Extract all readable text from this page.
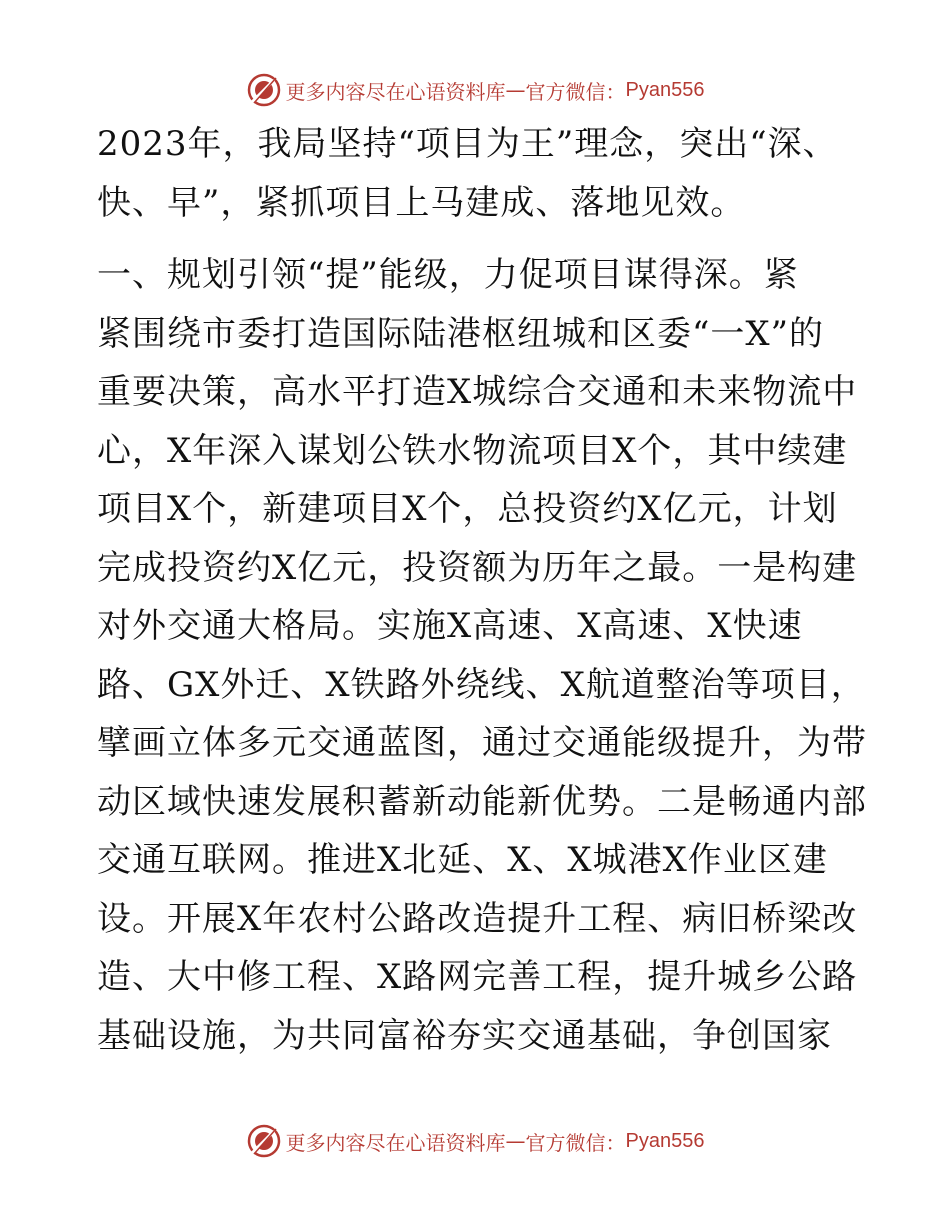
更多内容尽在心语资料库 — 官方微信： Pyan556
2023年，我局坚持“项目为王”理念，突出“深、
快、早”，紧抓项目上马建成、落地见效。
一、规划引领“提”能级，力促项目谋得深。紧
紧围绕市委打造国际陆港枢纽城和区委“一X”的
重要决策，高水平打造X城综合交通和未来物流中
心，X年深入谋划公铁水物流项目X个，其中续建
项目X个，新建项目X个，总投资约X亿元，计划
完成投资约X亿元，投资额为历年之最。一是构建
对外交通大格局。实施X高速、X高速、X快速
路、GX外迁、X铁路外绕线、X航道整治等项目，
擘画立体多元交通蓝图，通过交通能级提升，为带
动区域快速发展积蓄新动能新优势。二是畅通内部
交通互联网。推进X北延、X、X城港X作业区建
设。开展X年农村公路改造提升工程、病旧桥梁改
造、大中修工程、X路网完善工程，提升城乡公路
基础设施，为共同富裕夯实交通基础，争创国家
更多内容尽在心语资料库 — 官方微信： Pyan556
